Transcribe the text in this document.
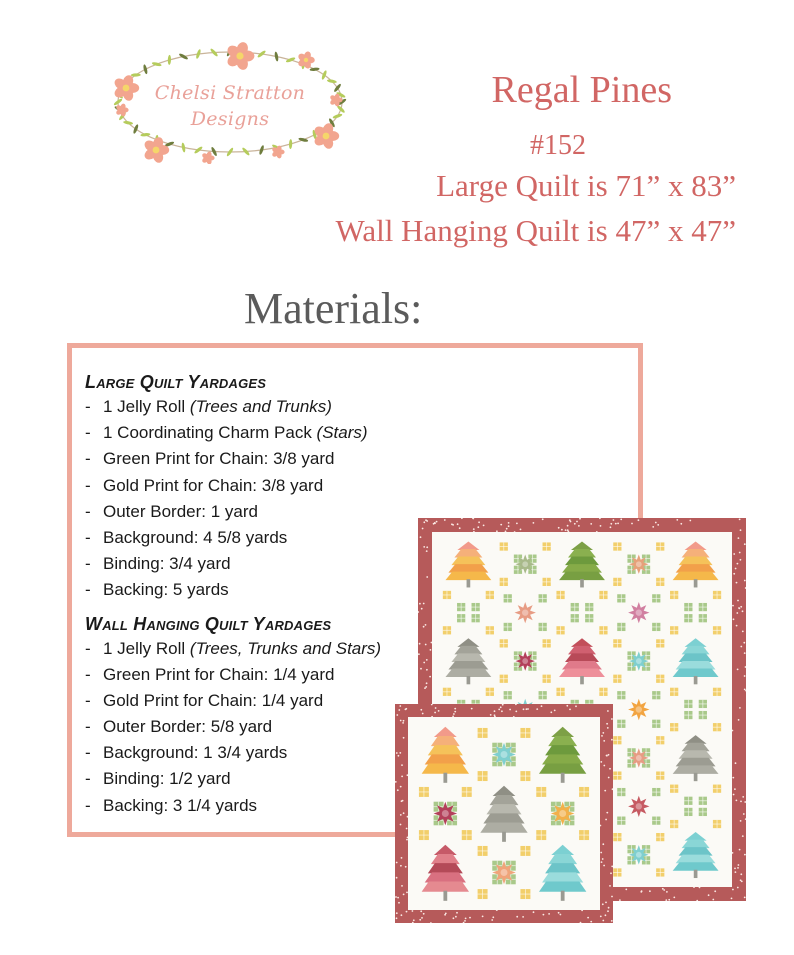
Chelsi Stratton
Designs
Regal Pines
#152
Large Quilt is 71” x 83”
Wall Hanging Quilt is 47” x 47”
Materials:
Large Quilt Yardages
- 1 Jelly Roll (Trees and Trunks)
- 1 Coordinating Charm Pack (Stars)
- Green Print for Chain: 3/8 yard
- Gold Print for Chain: 3/8 yard
- Outer Border: 1 yard
- Background: 4 5/8 yards
- Binding: 3/4 yard
- Backing: 5 yards
Wall Hanging Quilt Yardages
- 1 Jelly Roll (Trees, Trunks and Stars)
- Green Print for Chain: 1/4 yard
- Gold Print for Chain: 1/4 yard
- Outer Border: 5/8 yard
- Background: 1 3/4 yards
- Binding: 1/2 yard
- Backing: 3 1/4 yards
